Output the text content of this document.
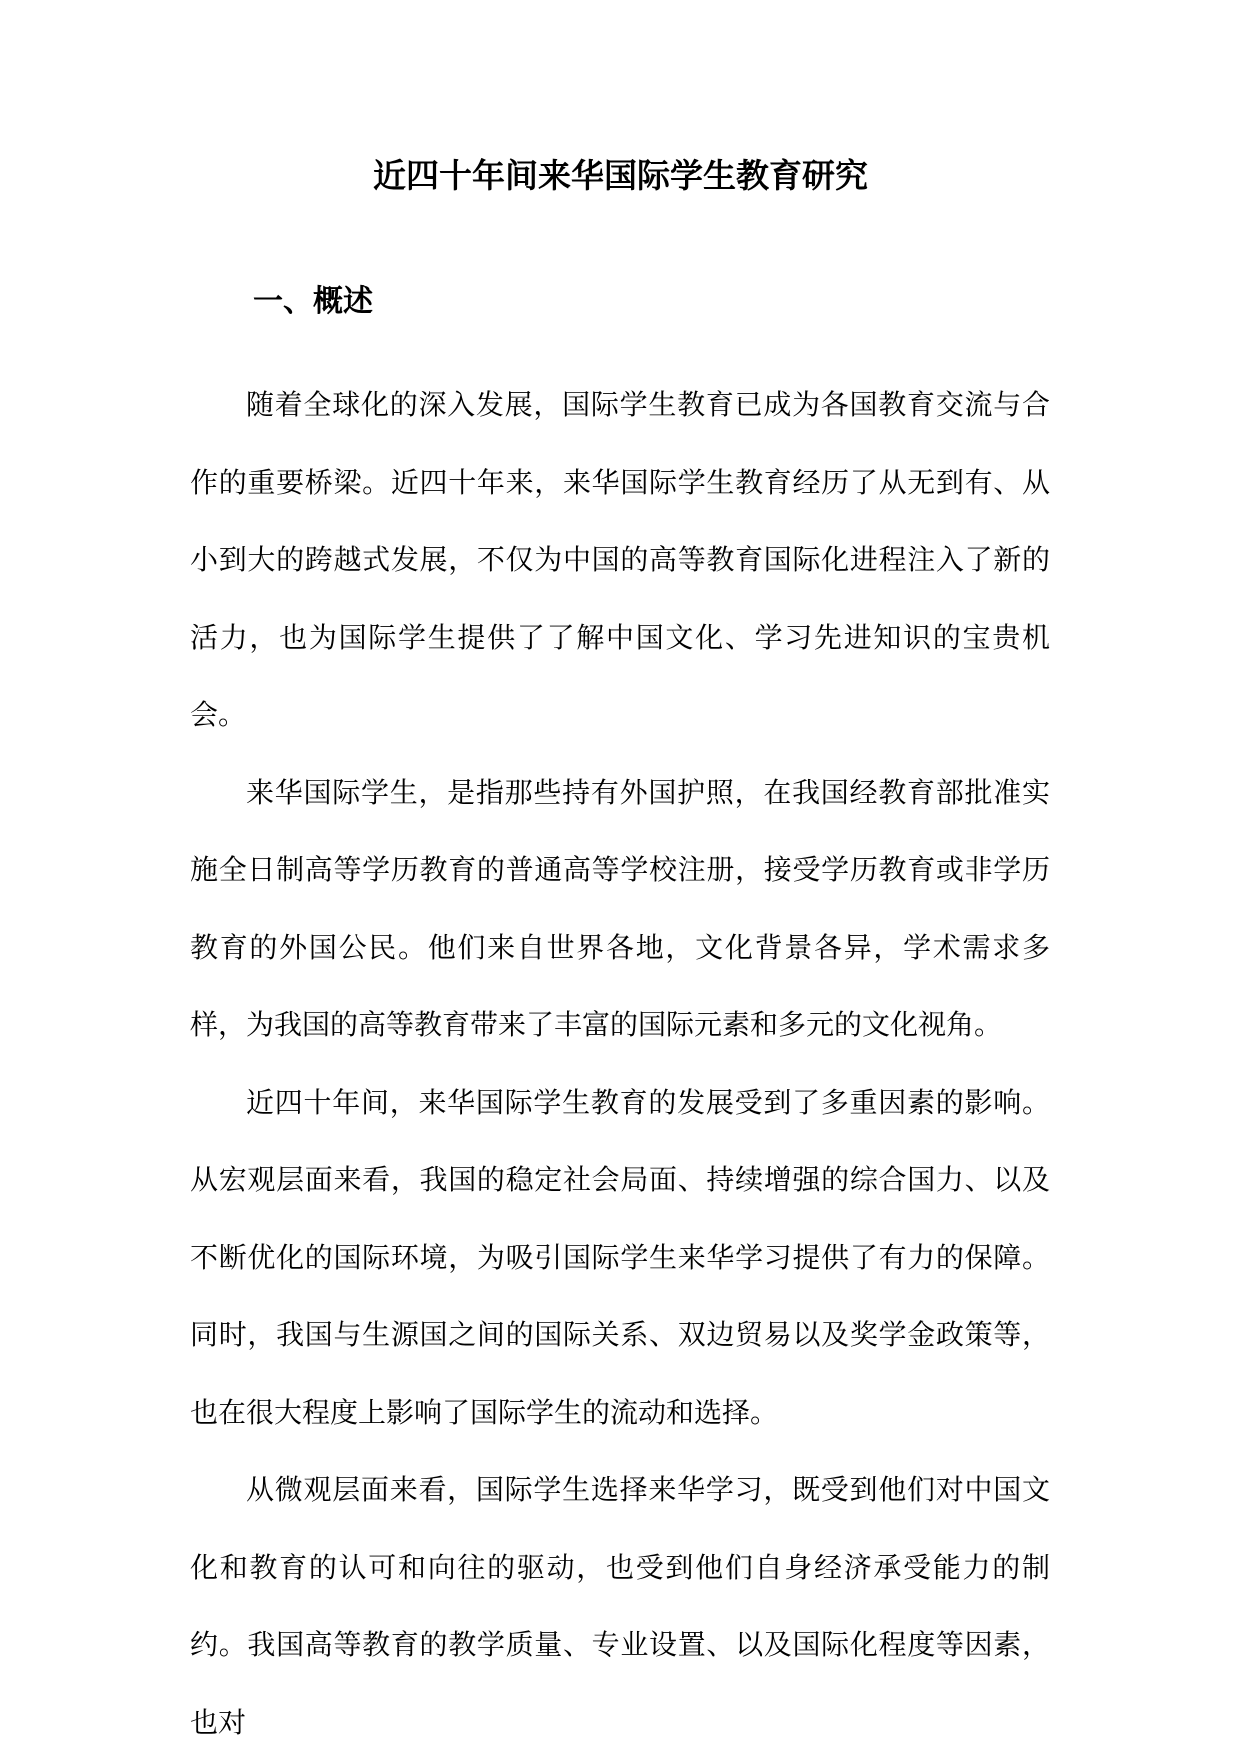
近四十年间来华国际学生教育研究
一、概述

随着全球化的深入发展，国际学生教育已成为各国教育交流与合作的重要桥梁。近四十年来，来华国际学生教育经历了从无到有、从小到大的跨越式发展，不仅为中国的高等教育国际化进程注入了新的活力，也为国际学生提供了了解中国文化、学习先进知识的宝贵机会。

来华国际学生，是指那些持有外国护照，在我国经教育部批准实施全日制高等学历教育的普通高等学校注册，接受学历教育或非学历教育的外国公民。他们来自世界各地，文化背景各异，学术需求多样，为我国的高等教育带来了丰富的国际元素和多元的文化视角。

近四十年间，来华国际学生教育的发展受到了多重因素的影响。从宏观层面来看，我国的稳定社会局面、持续增强的综合国力、以及不断优化的国际环境，为吸引国际学生来华学习提供了有力的保障。同时，我国与生源国之间的国际关系、双边贸易以及奖学金政策等，也在很大程度上影响了国际学生的流动和选择。

从微观层面来看，国际学生选择来华学习，既受到他们对中国文化和教育的认可和向往的驱动，也受到他们自身经济承受能力的制约。我国高等教育的教学质量、专业设置、以及国际化程度等因素，也对
